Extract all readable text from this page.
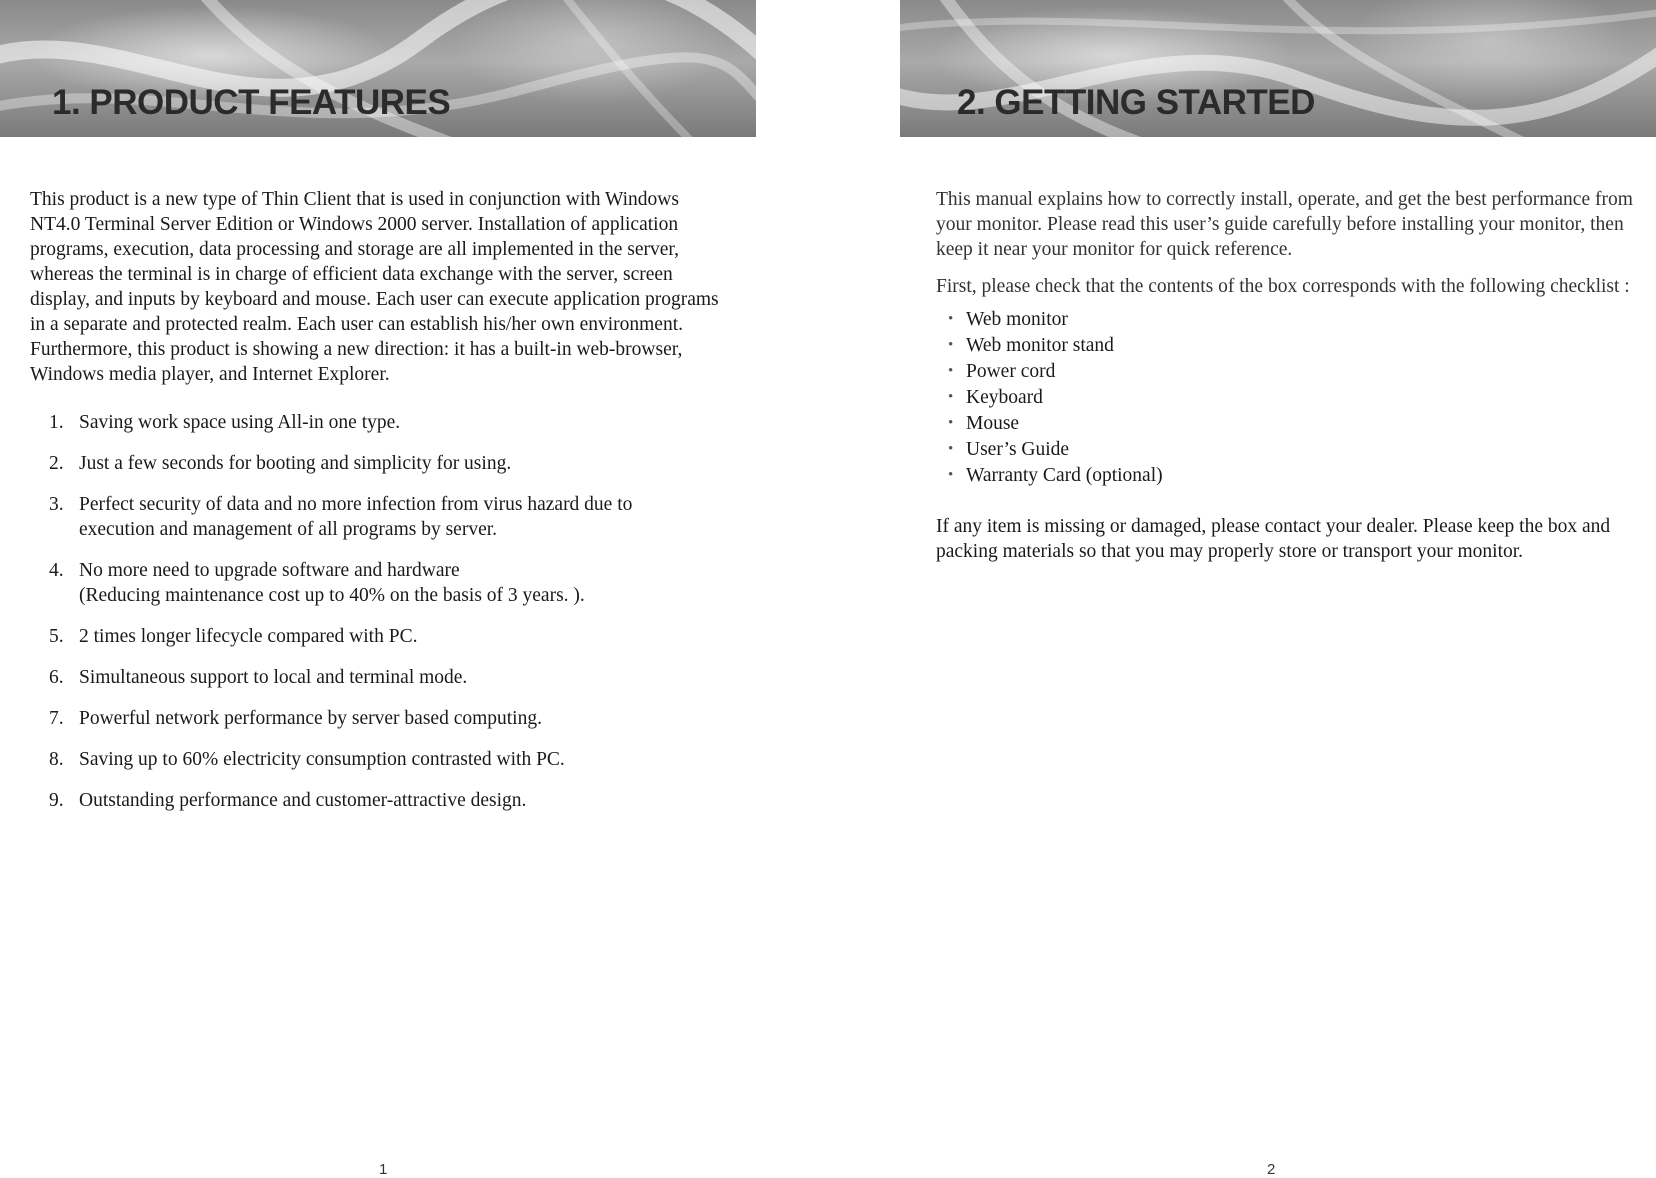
1. PRODUCT FEATURES

This product is a new type of Thin Client that is used in conjunction with Windows NT4.0 Terminal Server Edition or Windows 2000 server. Installation of application programs, execution, data processing and storage are all implemented in the server, whereas the terminal is in charge of efficient data exchange with the server, screen display, and inputs by keyboard and mouse. Each user can execute application programs in a separate and protected realm. Each user can establish his/her own environment. Furthermore, this product is showing a new direction: it has a built-in web-browser, Windows media player, and Internet Explorer.

1. Saving work space using All-in one type.
2. Just a few seconds for booting and simplicity for using.
3. Perfect security of data and no more infection from virus hazard due to
execution and management of all programs by server.
4. No more need to upgrade software and hardware
(Reducing maintenance cost up to 40% on the basis of 3 years. ).
5. 2 times longer lifecycle compared with PC.
6. Simultaneous support to local and terminal mode.
7. Powerful network performance by server based computing.
8. Saving up to 60% electricity consumption contrasted with PC.
9. Outstanding performance and customer-attractive design.
1
2. GETTING STARTED

This manual explains how to correctly install, operate, and get the best performance from your monitor. Please read this user’s guide carefully before installing your monitor, then keep it near your monitor for quick reference.

First, please check that the contents of the box corresponds with the following checklist :

• Web monitor
• Web monitor stand
• Power cord
• Keyboard
• Mouse
• User’s Guide
• Warranty Card (optional)

If any item is missing or damaged, please contact your dealer. Please keep the box and packing materials so that you may properly store or transport your monitor.

2
